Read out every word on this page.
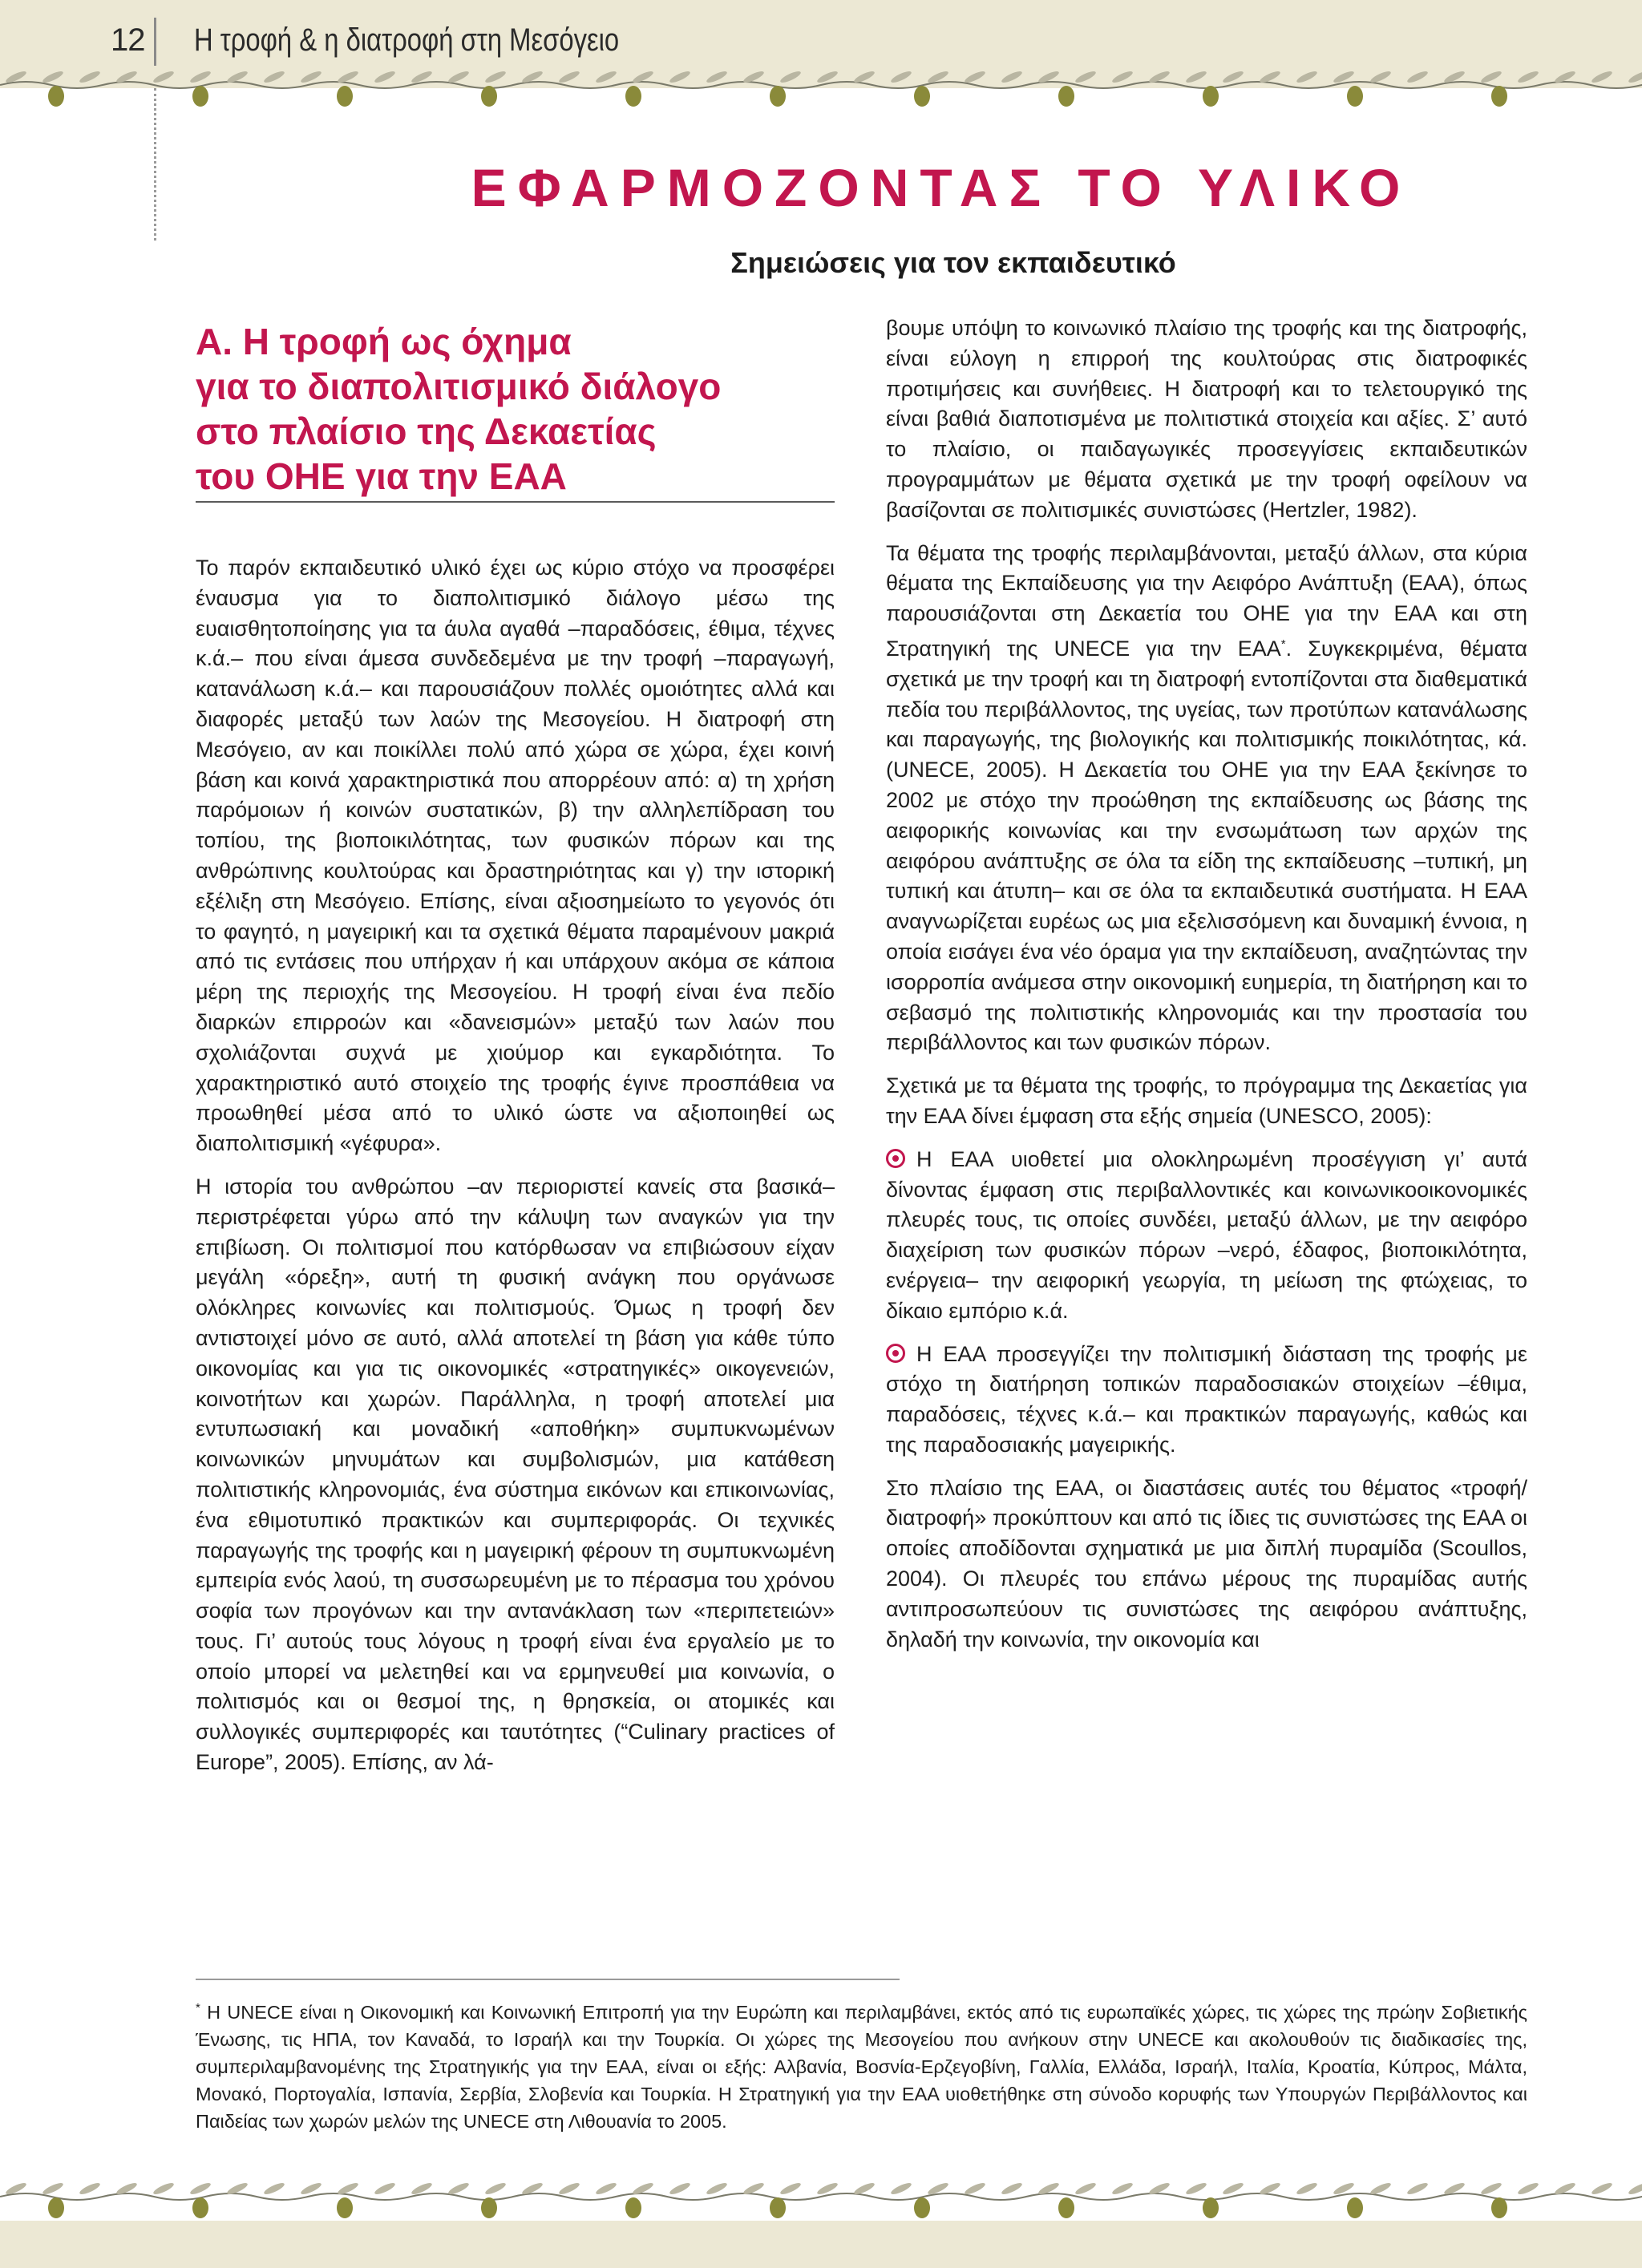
12 Η τροφή & η διατροφή στη Μεσόγειο
ΕΦΑΡΜΟΖΟΝΤΑΣ ΤΟ ΥΛΙΚΟ
Σημειώσεις για τον εκπαιδευτικό
Α. Η τροφή ως όχημα
για το διαπολιτισμικό διάλογο
στο πλαίσιο της Δεκαετίας
του ΟΗΕ για την ΕΑΑ

Το παρόν εκπαιδευτικό υλικό έχει ως κύριο στόχο να προσφέρει έναυσμα για το διαπολιτισμικό διάλογο μέσω της ευαισθητοποίησης για τα άυλα αγαθά –παραδόσεις, έθιμα, τέχνες κ.ά.– που είναι άμεσα συνδεδεμένα με την τροφή –παραγωγή, κατανάλωση κ.ά.– και παρουσιάζουν πολλές ομοιότητες αλλά και διαφορές μεταξύ των λαών της Μεσογείου. Η διατροφή στη Μεσόγειο, αν και ποικίλλει πολύ από χώρα σε χώρα, έχει κοινή βάση και κοινά χαρακτηριστικά που απορρέουν από: α) τη χρήση παρόμοιων ή κοινών συστατικών, β) την αλληλεπίδραση του τοπίου, της βιοποικιλότητας, των φυσικών πόρων και της ανθρώπινης κουλτούρας και δραστηριότητας και γ) την ιστορική εξέλιξη στη Μεσόγειο. Επίσης, είναι αξιοσημείωτο το γεγονός ότι το φαγητό, η μαγειρική και τα σχετικά θέματα παραμένουν μακριά από τις εντάσεις που υπήρχαν ή και υπάρχουν ακόμα σε κάποια μέρη της περιοχής της Μεσογείου. Η τροφή είναι ένα πεδίο διαρκών επιρροών και «δανεισμών» μεταξύ των λαών που σχολιάζονται συχνά με χιούμορ και εγκαρδιότητα. Το χαρακτηριστικό αυτό στοιχείο της τροφής έγινε προσπάθεια να προωθηθεί μέσα από το υλικό ώστε να αξιοποιηθεί ως διαπολιτισμική «γέφυρα».

Η ιστορία του ανθρώπου –αν περιοριστεί κανείς στα βασικά– περιστρέφεται γύρω από την κάλυψη των αναγκών για την επιβίωση. Οι πολιτισμοί που κατόρθωσαν να επιβιώσουν είχαν μεγάλη «όρεξη», αυτή τη φυσική ανάγκη που οργάνωσε ολόκληρες κοινωνίες και πολιτισμούς. Όμως η τροφή δεν αντιστοιχεί μόνο σε αυτό, αλλά αποτελεί τη βάση για κάθε τύπο οικονομίας και για τις οικονομικές «στρατηγικές» οικογενειών, κοινοτήτων και χωρών. Παράλληλα, η τροφή αποτελεί μια εντυπωσιακή και μοναδική «αποθήκη» συμπυκνωμένων κοινωνικών μηνυμάτων και συμβολισμών, μια κατάθεση πολιτιστικής κληρονομιάς, ένα σύστημα εικόνων και επικοινωνίας, ένα εθιμοτυπικό πρακτικών και συμπεριφοράς. Οι τεχνικές παραγωγής της τροφής και η μαγειρική φέρουν τη συμπυκνωμένη εμπειρία ενός λαού, τη συσσωρευμένη με το πέρασμα του χρόνου σοφία των προγόνων και την αντανάκλαση των «περιπετειών» τους. Γι’ αυτούς τους λόγους η τροφή είναι ένα εργαλείο με το οποίο μπορεί να μελετηθεί και να ερμηνευθεί μια κοινωνία, ο πολιτισμός και οι θεσμοί της, η θρησκεία, οι ατομικές και συλλογικές συμπεριφορές και ταυτότητες (“Culinary practices of Europe”, 2005). Επίσης, αν λά-

βουμε υπόψη το κοινωνικό πλαίσιο της τροφής και της διατροφής, είναι εύλογη η επιρροή της κουλτούρας στις διατροφικές προτιμήσεις και συνήθειες. Η διατροφή και το τελετουργικό της είναι βαθιά διαποτισμένα με πολιτιστικά στοιχεία και αξίες. Σ’ αυτό το πλαίσιο, οι παιδαγωγικές προσεγγίσεις εκπαιδευτικών προγραμμάτων με θέματα σχετικά με την τροφή οφείλουν να βασίζονται σε πολιτισμικές συνιστώσες (Hertzler, 1982).

Τα θέματα της τροφής περιλαμβάνονται, μεταξύ άλλων, στα κύρια θέματα της Εκπαίδευσης για την Αειφόρο Ανάπτυξη (ΕΑΑ), όπως παρουσιάζονται στη Δεκαετία του ΟΗΕ για την ΕΑΑ και στη Στρατηγική της UNECE για την ΕΑΑ*. Συγκεκριμένα, θέματα σχετικά με την τροφή και τη διατροφή εντοπίζονται στα διαθεματικά πεδία του περιβάλλοντος, της υγείας, των προτύπων κατανάλωσης και παραγωγής, της βιολογικής και πολιτισμικής ποικιλότητας, κά. (UNECE, 2005). Η Δεκαετία του ΟΗΕ για την ΕΑΑ ξεκίνησε το 2002 με στόχο την προώθηση της εκπαίδευσης ως βάσης της αειφορικής κοινωνίας και την ενσωμάτωση των αρχών της αειφόρου ανάπτυξης σε όλα τα είδη της εκπαίδευσης –τυπική, μη τυπική και άτυπη– και σε όλα τα εκπαιδευτικά συστήματα. Η ΕΑΑ αναγνωρίζεται ευρέως ως μια εξελισσόμενη και δυναμική έννοια, η οποία εισάγει ένα νέο όραμα για την εκπαίδευση, αναζητώντας την ισορροπία ανάμεσα στην οικονομική ευημερία, τη διατήρηση και το σεβασμό της πολιτιστικής κληρονομιάς και την προστασία του περιβάλλοντος και των φυσικών πόρων.

Σχετικά με τα θέματα της τροφής, το πρόγραμμα της Δεκαετίας για την ΕΑΑ δίνει έμφαση στα εξής σημεία (UNESCO, 2005):

Η ΕΑΑ υιοθετεί μια ολοκληρωμένη προσέγγιση γι’ αυτά δίνοντας έμφαση στις περιβαλλοντικές και κοινωνικοοικονομικές πλευρές τους, τις οποίες συνδέει, μεταξύ άλλων, με την αειφόρο διαχείριση των φυσικών πόρων –νερό, έδαφος, βιοποικιλότητα, ενέργεια– την αειφορική γεωργία, τη μείωση της φτώχειας, το δίκαιο εμπόριο κ.ά.

Η ΕΑΑ προσεγγίζει την πολιτισμική διάσταση της τροφής με στόχο τη διατήρηση τοπικών παραδοσιακών στοιχείων –έθιμα, παραδόσεις, τέχνες κ.ά.– και πρακτικών παραγωγής, καθώς και της παραδοσιακής μαγειρικής.

Στο πλαίσιο της ΕΑΑ, οι διαστάσεις αυτές του θέματος «τροφή/διατροφή» προκύπτουν και από τις ίδιες τις συνιστώσες της ΕΑΑ οι οποίες αποδίδονται σχηματικά με μια διπλή πυραμίδα (Scoullos, 2004). Οι πλευρές του επάνω μέρους της πυραμίδας αυτής αντιπροσωπεύουν τις συνιστώσες της αειφόρου ανάπτυξης, δηλαδή την κοινωνία, την οικονομία και

* Η UNECE είναι η Οικονομική και Κοινωνική Επιτροπή για την Ευρώπη και περιλαμβάνει, εκτός από τις ευρωπαϊκές χώρες, τις χώρες της πρώην Σοβιετικής Ένωσης, τις ΗΠΑ, τον Καναδά, το Ισραήλ και την Τουρκία. Οι χώρες της Μεσογείου που ανήκουν στην UNECE και ακολουθούν τις διαδικασίες της, συμπεριλαμβανομένης της Στρατηγικής για την ΕΑΑ, είναι οι εξής: Αλβανία, Βοσνία-Ερζεγοβίνη, Γαλλία, Ελλάδα, Ισραήλ, Ιταλία, Κροατία, Κύπρος, Μάλτα, Μονακό, Πορτογαλία, Ισπανία, Σερβία, Σλοβενία και Τουρκία. Η Στρατηγική για την ΕΑΑ υιοθετήθηκε στη σύνοδο κορυφής των Υπουργών Περιβάλλοντος και Παιδείας των χωρών μελών της UNECE στη Λιθουανία το 2005.
